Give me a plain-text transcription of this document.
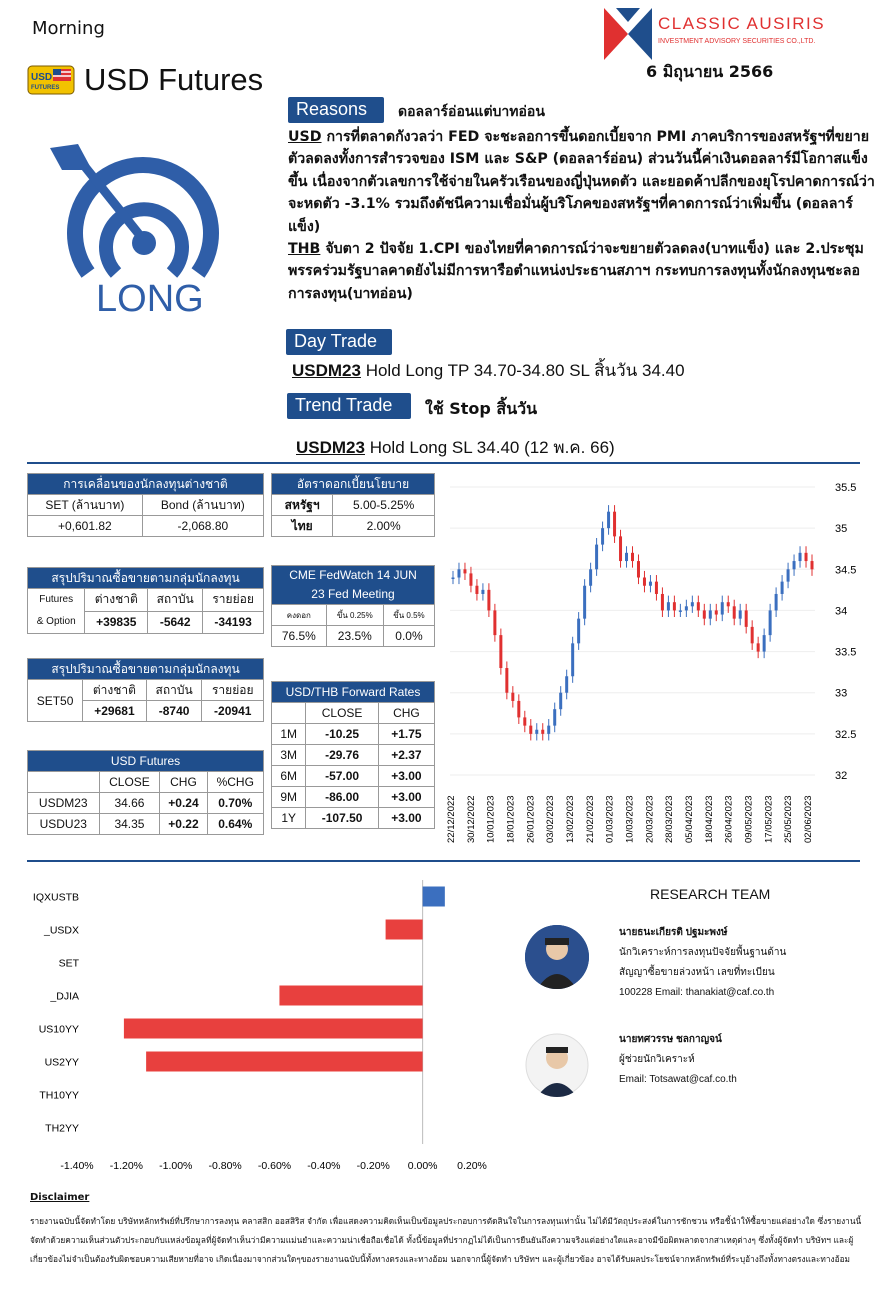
Morning	CLASSIC AUSIRIS
INVESTMENT ADVISORY SECURITIES CO.,LTD.
6 มิถุนายน 2566
USD
FUTURES USD Futures
LONG
Reasons	ดอลลาร์อ่อนแต่บาทอ่อน
USD การที่ตลาดกังวลว่า FED จะชะลอการขึ้นดอกเบี้ยจาก PMI ภาคบริการของสหรัฐฯที่ขยายตัวลดลงทั้งการสำรวจของ ISM และ S&P (ดอลลาร์อ่อน) ส่วนวันนี้ค่าเงินดอลลาร์มีโอกาสแข็งขึ้น เนื่องจากตัวเลขการใช้จ่ายในครัวเรือนของญี่ปุ่นหดตัว และยอดค้าปลีกของยุโรปคาดการณ์ว่าจะหดตัว -3.1% รวมถึงดัชนีความเชื่อมั่นผู้บริโภคของสหรัฐฯที่คาดการณ์ว่าเพิ่มขึ้น (ดอลลาร์แข็ง)
THB จับตา 2 ปัจจัย 1.CPI ของไทยที่คาดการณ์ว่าจะขยายตัวลดลง(บาทแข็ง) และ 2.ประชุมพรรคร่วมรัฐบาลคาดยังไม่มีการหารือตำแหน่งประธานสภาฯ กระทบการลงทุนทั้งนักลงทุนชะลอการลงทุน(บาทอ่อน)
Day Trade
USDM23 Hold Long TP 34.70-34.80 SL สิ้นวัน 34.40
Trend Trade	ใช้ Stop สิ้นวัน
USDM23 Hold Long SL 34.40 (12 พ.ค. 66)
การเคลื่อนของนักลงทุนต่างชาติ	
SET (ล้านบาท)	Bond (ล้านบาท)
+0,601.82	-2,068.80
อัตราดอกเบี้ยนโยบาย	
สหรัฐฯ	5.00-5.25%
ไทย	2.00%
สรุปปริมาณซื้อขายตามกลุ่มนักลงทุน			
Futures
& Option	ต่างชาติ	สถาบัน	รายย่อย
	+39835	-5642	-34193
CME FedWatch 14 JUN
23 Fed Meeting		
คงดอก	ขึ้น 0.25%	ขึ้น 0.5%
76.5%	23.5%	0.0%
สรุปปริมาณซื้อขายตามกลุ่มนักลงทุน			
SET50	ต่างชาติ	สถาบัน	รายย่อย
	+29681	-8740	-20941
USD/THB Forward Rates		
	CLOSE	CHG
1M	-10.25	+1.75
3M	-29.76	+2.37
6M	-57.00	+3.00
9M	-86.00	+3.00
1Y	-107.50	+3.00
USD Futures			
	CLOSE	CHG	%CHG
USDM23	34.66	+0.24	0.70%
USDU23	34.35	+0.22	0.64%
35.5
35
34.5
34
33.5
33
32.5
32
22/12/2022 30/12/2022 10/01/2023 18/01/2023 26/01/2023 03/02/2023 13/02/2023 21/02/2023 01/03/2023 10/03/2023 20/03/2023 28/03/2023 05/04/2023 18/04/2023 26/04/2023 09/05/2023 17/05/2023 25/05/2023 02/06/2023
IQXUSTB
_USDX
SET
_DJIA
US10YY
US2YY
TH10YY
TH2YY
-1.40% -1.20% -1.00% -0.80% -0.60% -0.40% -0.20% 0.00% 0.20%
RESEARCH TEAM
นายธนะเกียรติ ปฐมะพงษ์
นักวิเคราะห์การลงทุนปัจจัยพื้นฐานด้าน
สัญญาซื้อขายล่วงหน้า เลขที่ทะเบียน
100228 Email: thanakiat@caf.co.th
นายทศวรรษ ชลกาญจน์
ผู้ช่วยนักวิเคราะห์
Email: Totsawat@caf.co.th
Disclaimer
รายงานฉบับนี้จัดทำโดย บริษัทหลักทรัพย์ที่ปรึกษาการลงทุน คลาสสิก ออสสิริส จำกัด เพื่อแสดงความคิดเห็นเป็นข้อมูลประกอบการตัดสินใจในการลงทุนเท่านั้น ไม่ได้มีวัตถุประสงค์ในการชักชวน หรือชี้นำให้ซื้อขายแต่อย่างใด ซึ่งรายงานนี้ จัดทำด้วยความเห็นส่วนตัวประกอบกับแหล่งข้อมูลที่ผู้จัดทำเห็นว่ามีความแม่นยำและความน่าเชื่อถือเชื่อได้ ทั้งนี้ข้อมูลที่ปรากฏไม่ได้เป็นการยืนยันถึงความจริงแต่อย่างใดและอาจมีข้อผิดพลาดจากสาเหตุต่างๆ ซึ่งทั้งผู้จัดทำ บริษัทฯ และผู้เกี่ยวข้องไม่จำเป็นต้องรับผิดชอบความเสียหายที่อาจ เกิดเนื่องมาจากส่วนใดๆของรายงานฉบับนี้ทั้งทางตรงและทางอ้อม นอกจากนี้ผู้จัดทำ บริษัทฯ และผู้เกี่ยวข้อง อาจได้รับผลประโยชน์จากหลักทรัพย์ที่ระบุอ้างถึงทั้งทางตรงและทางอ้อม
